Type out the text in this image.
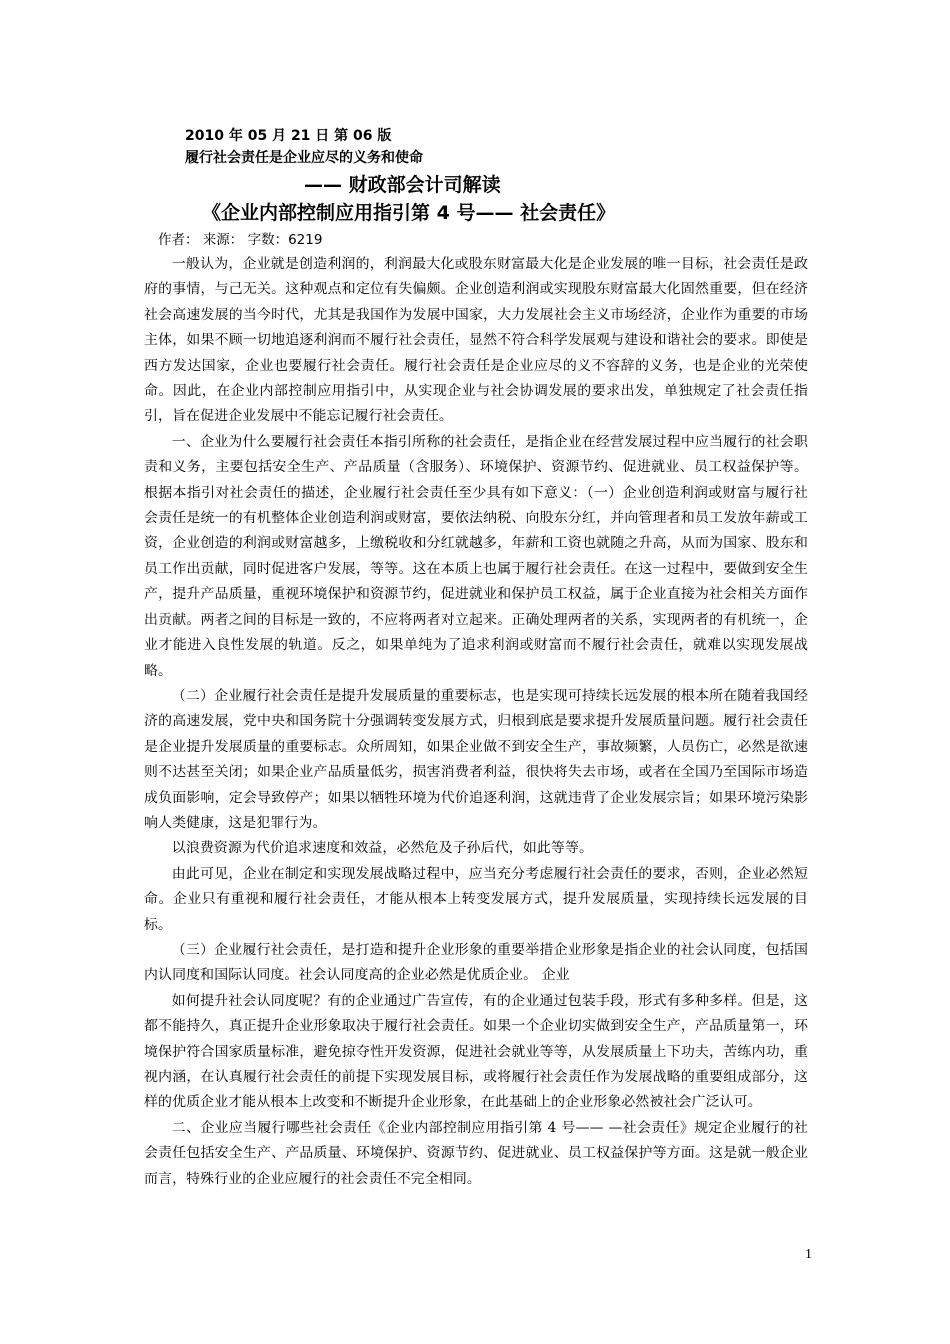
2010 年 05 月 21 日 第 06 版
履行社会责任是企业应尽的义务和使命
—— 财政部会计司解读
《企业内部控制应用指引第 4 号—— 社会责任》
作者： 来源： 字数：6219

一般认为，企业就是创造利润的，利润最大化或股东财富最大化是企业发展的唯一目标，社会责任是政府的事情，与己无关。这种观点和定位有失偏颇。企业创造利润或实现股东财富最大化固然重要，但在经济社会高速发展的当今时代，尤其是我国作为发展中国家，大力发展社会主义市场经济，企业作为重要的市场主体，如果不顾一切地追逐利润而不履行社会责任，显然不符合科学发展观与建设和谐社会的要求。即使是西方发达国家，企业也要履行社会责任。履行社会责任是企业应尽的义不容辞的义务，也是企业的光荣使命。因此，在企业内部控制应用指引中，从实现企业与社会协调发展的要求出发，单独规定了社会责任指引，旨在促进企业发展中不能忘记履行社会责任。

一、企业为什么要履行社会责任本指引所称的社会责任，是指企业在经营发展过程中应当履行的社会职责和义务，主要包括安全生产、产品质量（含服务）、环境保护、资源节约、促进就业、员工权益保护等。根据本指引对社会责任的描述，企业履行社会责任至少具有如下意义：（一）企业创造利润或财富与履行社会责任是统一的有机整体企业创造利润或财富，要依法纳税、向股东分红，并向管理者和员工发放年薪或工资，企业创造的利润或财富越多，上缴税收和分红就越多，年薪和工资也就随之升高，从而为国家、股东和员工作出贡献，同时促进客户发展，等等。这在本质上也属于履行社会责任。在这一过程中，要做到安全生产，提升产品质量，重视环境保护和资源节约，促进就业和保护员工权益，属于企业直接为社会相关方面作出贡献。两者之间的目标是一致的，不应将两者对立起来。正确处理两者的关系，实现两者的有机统一，企业才能进入良性发展的轨道。反之，如果单纯为了追求利润或财富而不履行社会责任，就难以实现发展战略。

（二）企业履行社会责任是提升发展质量的重要标志，也是实现可持续长远发展的根本所在随着我国经济的高速发展，党中央和国务院十分强调转变发展方式，归根到底是要求提升发展质量问题。履行社会责任是企业提升发展质量的重要标志。众所周知，如果企业做不到安全生产，事故频繁，人员伤亡，必然是欲速则不达甚至关闭；如果企业产品质量低劣，损害消费者利益，很快将失去市场，或者在全国乃至国际市场造成负面影响，定会导致停产；如果以牺牲环境为代价追逐利润，这就违背了企业发展宗旨；如果环境污染影响人类健康，这是犯罪行为。

以浪费资源为代价追求速度和效益，必然危及子孙后代，如此等等。

由此可见，企业在制定和实现发展战略过程中，应当充分考虑履行社会责任的要求，否则，企业必然短命。企业只有重视和履行社会责任，才能从根本上转变发展方式，提升发展质量，实现持续长远发展的目标。

（三）企业履行社会责任，是打造和提升企业形象的重要举措企业形象是指企业的社会认同度，包括国内认同度和国际认同度。社会认同度高的企业必然是优质企业。 企业

如何提升社会认同度呢？有的企业通过广告宣传，有的企业通过包装手段，形式有多种多样。但是，这都不能持久，真正提升企业形象取决于履行社会责任。如果一个企业切实做到安全生产，产品质量第一，环境保护符合国家质量标准，避免掠夺性开发资源，促进社会就业等等，从发展质量上下功夫，苦练内功，重视内涵，在认真履行社会责任的前提下实现发展目标，或将履行社会责任作为发展战略的重要组成部分，这样的优质企业才能从根本上改变和不断提升企业形象，在此基础上的企业形象必然被社会广泛认可。

二、企业应当履行哪些社会责任《企业内部控制应用指引第 4 号—— —社会责任》规定企业履行的社会责任包括安全生产、产品质量、环境保护、资源节约、促进就业、员工权益保护等方面。这是就一般企业而言，特殊行业的企业应履行的社会责任不完全相同。

1
